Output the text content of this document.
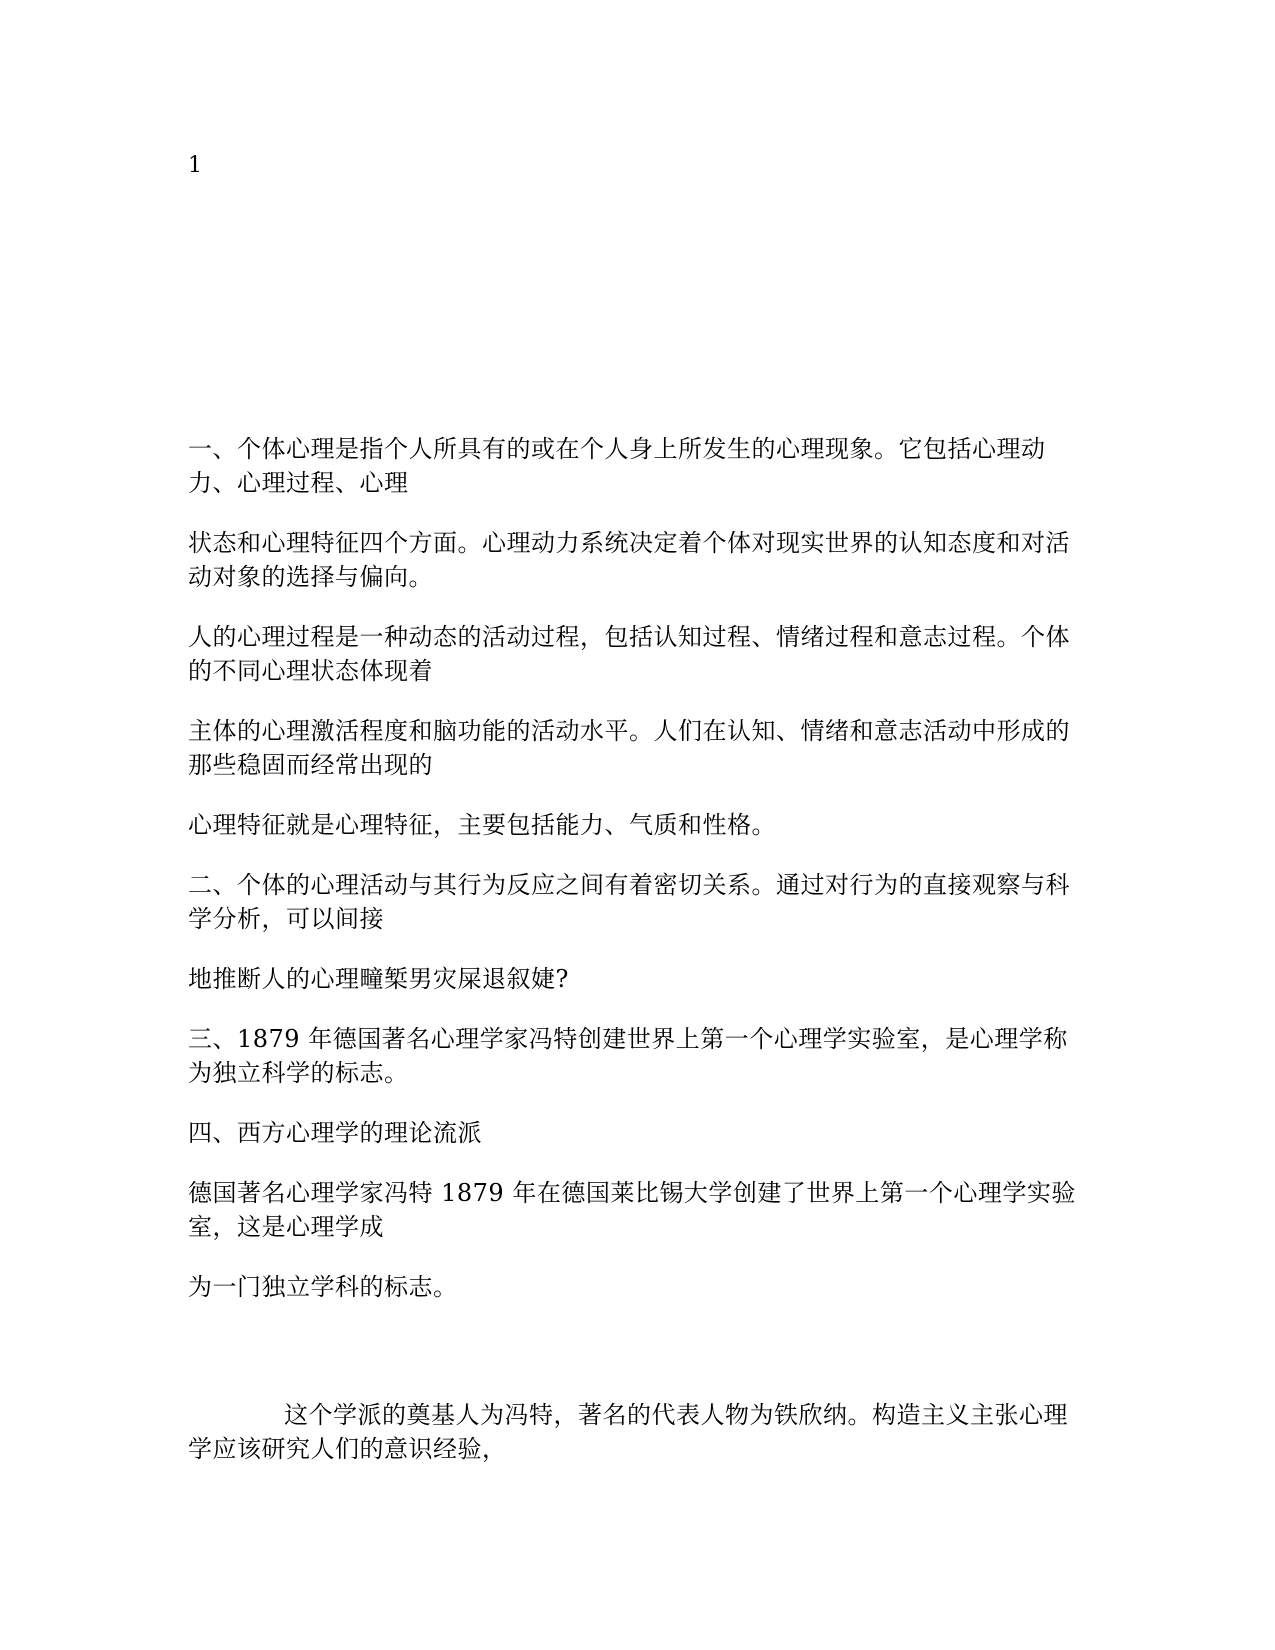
1

一、个体心理是指个人所具有的或在个人身上所发生的心理现象。它包括心理动力、心理过程、心理

状态和心理特征四个方面。心理动力系统决定着个体对现实世界的认知态度和对活动对象的选择与偏向。

人的心理过程是一种动态的活动过程，包括认知过程、情绪过程和意志过程。个体的不同心理状态体现着

主体的心理激活程度和脑功能的活动水平。人们在认知、情绪和意志活动中形成的那些稳固而经常出现的

心理特征就是心理特征，主要包括能力、气质和性格。

二、个体的心理活动与其行为反应之间有着密切关系。通过对行为的直接观察与科学分析，可以间接

地推断人的心理疃椠男灾屎退叙婕?

三、1879 年德国著名心理学家冯特创建世界上第一个心理学实验室，是心理学称为独立科学的标志。

四、西方心理学的理论流派

德国著名心理学家冯特 1879 年在德国莱比锡大学创建了世界上第一个心理学实验室，这是心理学成

为一门独立学科的标志。

这个学派的奠基人为冯特，著名的代表人物为铁欣纳。构造主义主张心理学应该研究人们的意识经验，
